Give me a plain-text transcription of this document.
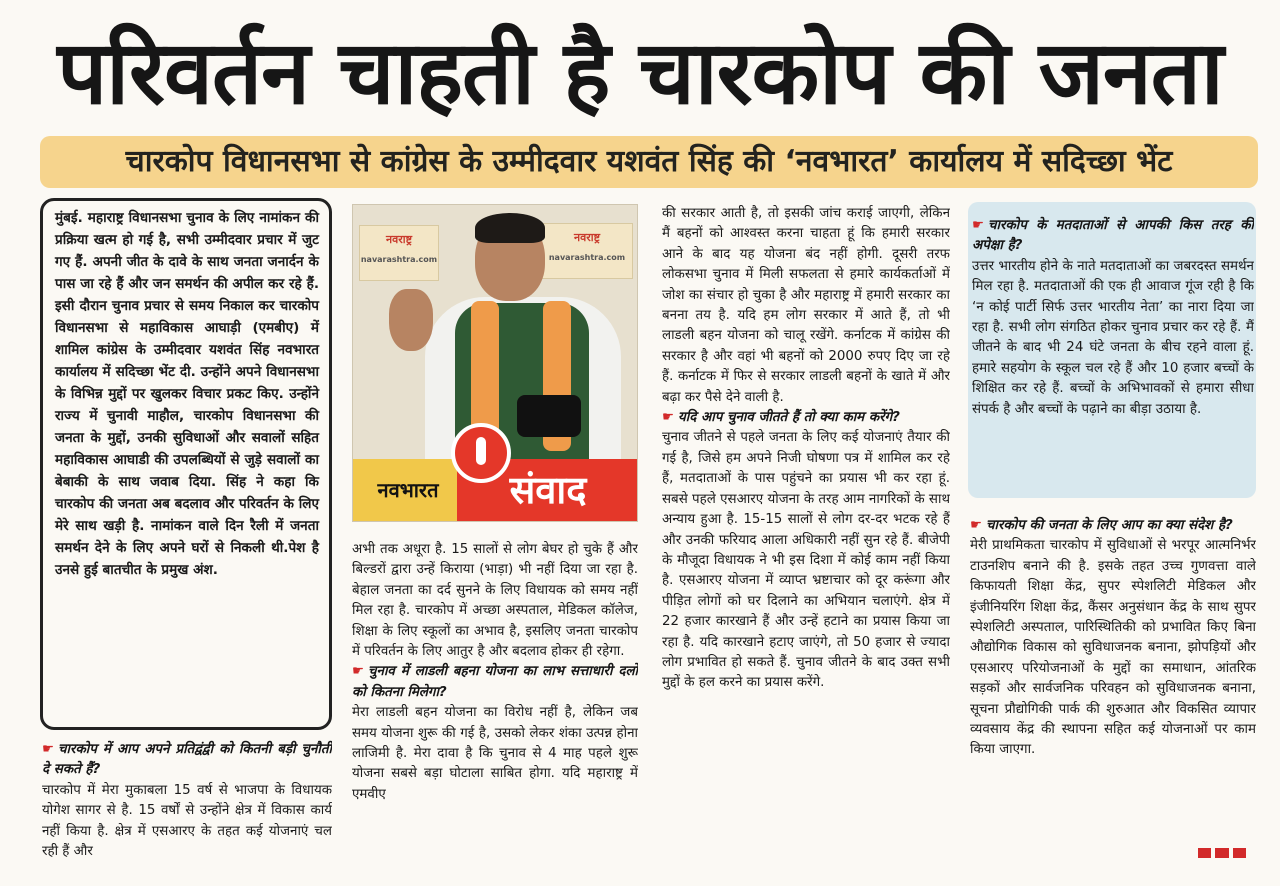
परिवर्तन चाहती है चारकोप की जनता
चारकोप विधानसभा से कांग्रेस के उम्मीदवार यशवंत सिंह की ‘नवभारत’ कार्यालय में सदिच्छा भेंट
मुंबई. महाराष्ट्र विधानसभा चुनाव के लिए नामांकन की प्रक्रिया खत्म हो गई है, सभी उम्मीदवार प्रचार में जुट गए हैं. अपनी जीत के दावे के साथ जनता जनार्दन के पास जा रहे हैं और जन समर्थन की अपील कर रहे हैं. इसी दौरान चुनाव प्रचार से समय निकाल कर चारकोप विधानसभा से महाविकास आघाड़ी (एमबीए) में शामिल कांग्रेस के उम्मीदवार यशवंत सिंह नवभारत कार्यालय में सदिच्छा भेंट दी. उन्होंने अपने विधानसभा के विभिन्न मुद्दों पर खुलकर विचार प्रकट किए. उन्होंने राज्य में चुनावी माहौल, चारकोप विधानसभा की जनता के मुद्दों, उनकी सुविधाओं और सवालों सहित महाविकास आघाडी की उपलब्धियों से जुड़े सवालों का बेबाकी के साथ जवाब दिया. सिंह ने कहा कि चारकोप की जनता अब बदलाव और परिवर्तन के लिए मेरे साथ खड़ी है. नामांकन वाले दिन रैली में जनता समर्थन देने के लिए अपने घरों से निकली थी.पेश है उनसे हुई बातचीत के प्रमुख अंश.
☛ चारकोप में आप अपने प्रतिद्वंद्वी को कितनी बड़ी चुनौती दे सकते हैं?
चारकोप में मेरा मुकाबला 15 वर्ष से भाजपा के विधायक योगेश सागर से है. 15 वर्षों से उन्होंने क्षेत्र में विकास कार्य नहीं किया है. क्षेत्र में एसआरए के तहत कई योजनाएं चल रही हैं और
नवराष्ट्र
navarashtra.com
नवराष्ट्र
navarashtra.com
नवभारत	संवाद
अभी तक अधूरा है. 15 सालों से लोग बेघर हो चुके हैं और बिल्डरों द्वारा उन्हें किराया (भाड़ा) भी नहीं दिया जा रहा है. बेहाल जनता का दर्द सुनने के लिए विधायक को समय नहीं मिल रहा है. चारकोप में अच्छा अस्पताल, मेडिकल कॉलेज, शिक्षा के लिए स्कूलों का अभाव है, इसलिए जनता चारकोप में परिवर्तन के लिए आतुर है और बदलाव होकर ही रहेगा.
☛ चुनाव में लाडली बहना योजना का लाभ सत्ताधारी दलों को कितना मिलेगा?
मेरा लाडली बहन योजना का विरोध नहीं है, लेकिन जब समय योजना शुरू की गई है, उसको लेकर शंका उत्पन्न होना लाजिमी है. मेरा दावा है कि चुनाव से 4 माह पहले शुरू योजना सबसे बड़ा घोटाला साबित होगा. यदि महाराष्ट्र में एमवीए
की सरकार आती है, तो इसकी जांच कराई जाएगी, लेकिन मैं बहनों को आश्वस्त करना चाहता हूं कि हमारी सरकार आने के बाद यह योजना बंद नहीं होगी. दूसरी तरफ लोकसभा चुनाव में मिली सफलता से हमारे कार्यकर्ताओं में जोश का संचार हो चुका है और महाराष्ट्र में हमारी सरकार का बनना तय है. यदि हम लोग सरकार में आते हैं, तो भी लाडली बहन योजना को चालू रखेंगे. कर्नाटक में कांग्रेस की सरकार है और वहां भी बहनों को 2000 रुपए दिए जा रहे हैं. कर्नाटक में फिर से सरकार लाडली बहनों के खाते में और बढ़ा कर पैसे देने वाली है.
☛ यदि आप चुनाव जीतते हैं तो क्या काम करेंगे?
चुनाव जीतने से पहले जनता के लिए कई योजनाएं तैयार की गई है, जिसे हम अपने निजी घोषणा पत्र में शामिल कर रहे हैं, मतदाताओं के पास पहुंचने का प्रयास भी कर रहा हूं. सबसे पहले एसआरए योजना के तरह आम नागरिकों के साथ अन्याय हुआ है. 15-15 सालों से लोग दर-दर भटक रहे हैं और उनकी फरियाद आला अधिकारी नहीं सुन रहे हैं. बीजेपी के मौजूदा विधायक ने भी इस दिशा में कोई काम नहीं किया है. एसआरए योजना में व्याप्त भ्रष्टाचार को दूर करूंगा और पीड़ित लोगों को घर दिलाने का अभियान चलाएंगे. क्षेत्र में 22 हजार कारखाने हैं और उन्हें हटाने का प्रयास किया जा रहा है. यदि कारखाने हटाए जाएंगे, तो 50 हजार से ज्यादा लोग प्रभावित हो सकते हैं. चुनाव जीतने के बाद उक्त सभी मुद्दों के हल करने का प्रयास करेंगे.
☛ चारकोप के मतदाताओं से आपकी किस तरह की अपेक्षा है?
उत्तर भारतीय होने के नाते मतदाताओं का जबरदस्त समर्थन मिल रहा है. मतदाताओं की एक ही आवाज गूंज रही है कि ‘न कोई पार्टी सिर्फ उत्तर भारतीय नेता’ का नारा दिया जा रहा है. सभी लोग संगठित होकर चुनाव प्रचार कर रहे हैं. मैं जीतने के बाद भी 24 घंटे जनता के बीच रहने वाला हूं. हमारे सहयोग के स्कूल चल रहे हैं और 10 हजार बच्चों के शिक्षित कर रहे हैं. बच्चों के अभिभावकों से हमारा सीधा संपर्क है और बच्चों के पढ़ाने का बीड़ा उठाया है.
☛ चारकोप की जनता के लिए आप का क्या संदेश है?
मेरी प्राथमिकता चारकोप में सुविधाओं से भरपूर आत्मनिर्भर टाउनशिप बनाने की है. इसके तहत उच्च गुणवत्ता वाले किफायती शिक्षा केंद्र, सुपर स्पेशलिटी मेडिकल और इंजीनियरिंग शिक्षा केंद्र, कैंसर अनुसंधान केंद्र के साथ सुपर स्पेशलिटी अस्पताल, पारिस्थितिकी को प्रभावित किए बिना औद्योगिक विकास को सुविधाजनक बनाना, झोपड़ियों और एसआरए परियोजनाओं के मुद्दों का समाधान, आंतरिक सड़कों और सार्वजनिक परिवहन को सुविधाजनक बनाना, सूचना प्रौद्योगिकी पार्क की शुरुआत और विकसित व्यापार व्यवसाय केंद्र की स्थापना सहित कई योजनाओं पर काम किया जाएगा.
